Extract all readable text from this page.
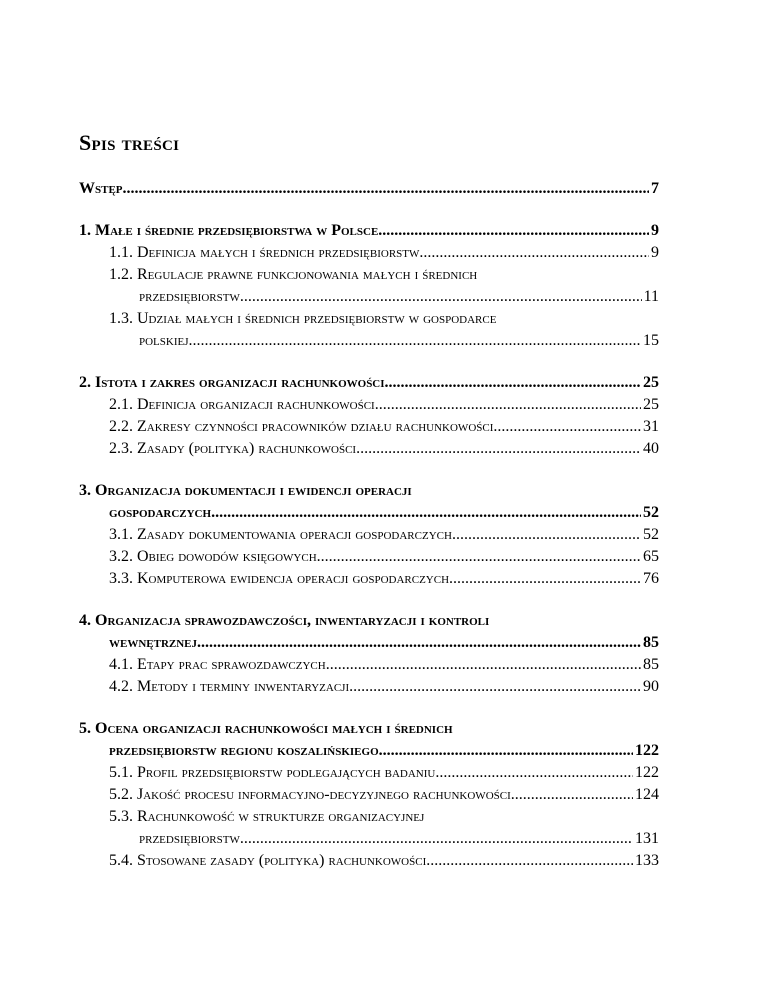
Spis treści
Wstęp .....	7
1. Małe i średnie przedsiębiorstwa w Polsce .....	9
1.1. Definicja małych i średnich przedsiębiorstw .....	9
1.2. Regulacje prawne funkcjonowania małych i średnich
przedsiębiorstw .....	11
1.3. Udział małych i średnich przedsiębiorstw w gospodarce
polskiej .....	15
2. Istota i zakres organizacji rachunkowości .....	25
2.1. Definicja organizacji rachunkowości .....	25
2.2. Zakresy czynności pracowników działu rachunkowości .....	31
2.3. Zasady (polityka) rachunkowości .....	40
3. Organizacja dokumentacji i ewidencji operacji
gospodarczych .....	52
3.1. Zasady dokumentowania operacji gospodarczych .....	52
3.2. Obieg dowodów księgowych .....	65
3.3. Komputerowa ewidencja operacji gospodarczych .....	76
4. Organizacja sprawozdawczości, inwentaryzacji i kontroli
wewnętrznej .....	85
4.1. Etapy prac sprawozdawczych .....	85
4.2. Metody i terminy inwentaryzacji .....	90
5. Ocena organizacji rachunkowości małych i średnich
przedsiębiorstw regionu koszalińskiego .....	122
5.1. Profil przedsiębiorstw podlegających badaniu .....	122
5.2. Jakość procesu informacyjno-decyzyjnego rachunkowości .....	124
5.3. Rachunkowość w strukturze organizacyjnej
przedsiębiorstw .....	131
5.4. Stosowane zasady (polityka) rachunkowości .....	133
